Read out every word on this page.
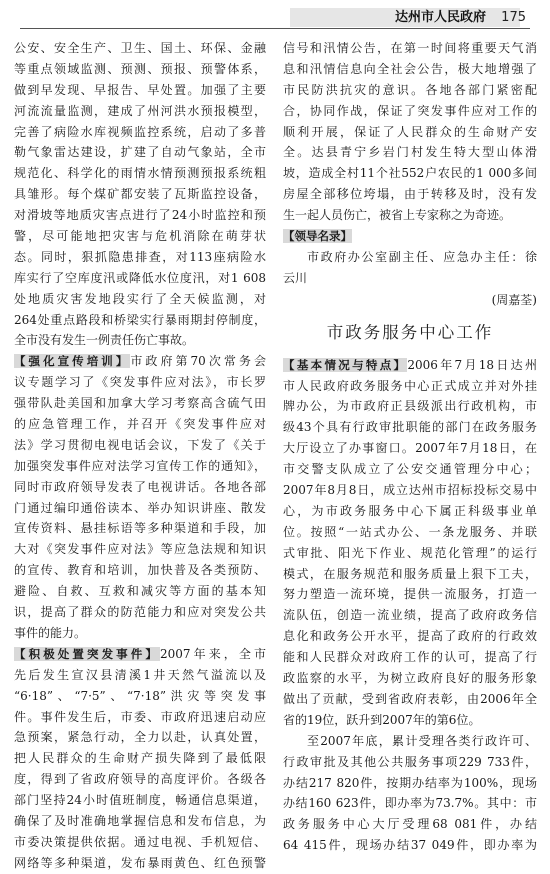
达州市人民政府	175
公安、安全生产、卫生、国土、环保、金融
等重点领域监测、预测、预报、预警体系，
做到早发现、早报告、早处置。加强了主要
河流流量监测，建成了州河洪水预报模型，
完善了病险水库视频监控系统，启动了多普
勒气象雷达建设，扩建了自动气象站，全市
规范化、科学化的雨情水情预测预报系统粗
具雏形。每个煤矿都安装了瓦斯监控设备，
对滑坡等地质灾害点进行了24小时监控和预
警，尽可能地把灾害与危机消除在萌芽状
态。同时，狠抓隐患排查，对113座病险水
库实行了空库度汛或降低水位度汛，对1 608
处地质灾害发地段实行了全天候监测，对
264处重点路段和桥梁实行暴雨期封停制度，
全市没有发生一例责任伤亡事故。
【强化宣传培训】市政府第70次常务会
议专题学习了《突发事件应对法》，市长罗
强带队赴美国和加拿大学习考察高含硫气田
的应急管理工作，并召开《突发事件应对
法》学习贯彻电视电话会议，下发了《关于
加强突发事件应对法学习宣传工作的通知》，
同时市政府领导发表了电视讲话。各地各部
门通过编印通俗读本、举办知识讲座、散发
宣传资料、悬挂标语等多种渠道和手段，加
大对《突发事件应对法》等应急法规和知识
的宣传、教育和培训，加快普及各类预防、
避险、自救、互救和减灾等方面的基本知
识，提高了群众的防范能力和应对突发公共
事件的能力。
【积极处置突发事件】2007年来，全市
先后发生宣汉县清溪1井天然气溢流以及
“6·18”、“7·5”、“7·18”洪灾等突发事
件。事件发生后，市委、市政府迅速启动应
急预案，紧急行动，全力以赴，认真处置，
把人民群众的生命财产损失降到了最低限
度，得到了省政府领导的高度评价。各级各
部门坚持24小时值班制度，畅通信息渠道，
确保了及时准确地掌握信息和发布信息，为
市委决策提供依据。通过电视、手机短信、
网络等多种渠道，发布暴雨黄色、红色预警
信号和汛情公告，在第一时间将重要天气消
息和汛情信息向全社会公告，极大地增强了
市民防洪抗灾的意识。各地各部门紧密配
合，协同作战，保证了突发事件应对工作的
顺利开展，保证了人民群众的生命财产安
全。达县青宁乡岩门村发生特大型山体滑
坡，造成全村11个社552户农民的1 000多间
房屋全部移位垮塌，由于转移及时，没有发
生一起人员伤亡，被省上专家称之为奇迹。
【领导名录】
市政府办公室副主任、应急办主任：徐
云川
(周嘉荃)
市政务服务中心工作
【基本情况与特点】2006年7月18日达州
市人民政府政务服务中心正式成立并对外挂
牌办公，为市政府正县级派出行政机构，市
级43个具有行政审批职能的部门在政务服务
大厅设立了办事窗口。2007年7月18日，在
市交警支队成立了公安交通管理分中心；
2007年8月8日，成立达州市招标投标交易中
心，为市政务服务中心下属正科级事业单
位。按照“一站式办公、一条龙服务、并联
式审批、阳光下作业、规范化管理”的运行
模式，在服务规范和服务质量上狠下工夫，
努力塑造一流环境，提供一流服务，打造一
流队伍，创造一流业绩，提高了政府政务信
息化和政务公开水平，提高了政府的行政效
能和人民群众对政府工作的认可，提高了行
政监察的水平，为树立政府良好的服务形象
做出了贡献，受到省政府表彰，由2006年全
省的19位，跃升到2007年的第6位。
至2007年底，累计受理各类行政许可、
行政审批及其他公共服务事项229 733件，
办结217 820件，按期办结率为100%，现场
办结160 623件，即办率为73.7%。其中：市
政务服务中心大厅受理68 081件，办结
64 415件，现场办结37 049件，即办率为
